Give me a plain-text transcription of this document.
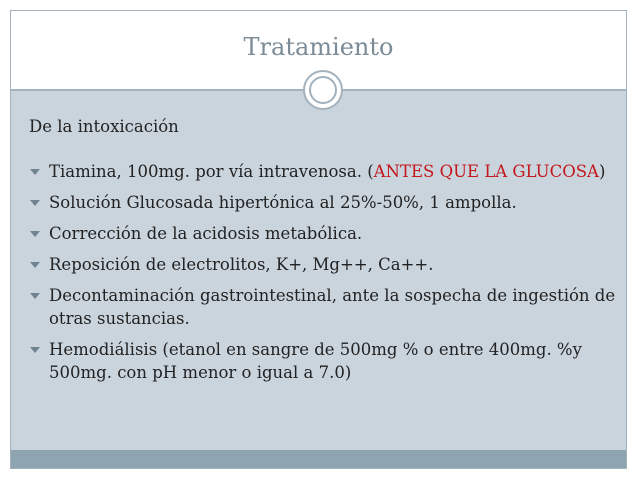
Tratamiento
De la intoxicación
Tiamina, 100mg. por vía intravenosa. (ANTES QUE LA GLUCOSA)
Solución Glucosada hipertónica al 25%-50%, 1 ampolla.
Corrección de la acidosis metabólica.
Reposición de electrolitos, K+, Mg++, Ca++.
Decontaminación gastrointestinal, ante la sospecha de ingestión de otras sustancias.
Hemodiálisis (etanol en sangre de 500mg % o entre 400mg. %y 500mg. con pH menor o igual a 7.0)
